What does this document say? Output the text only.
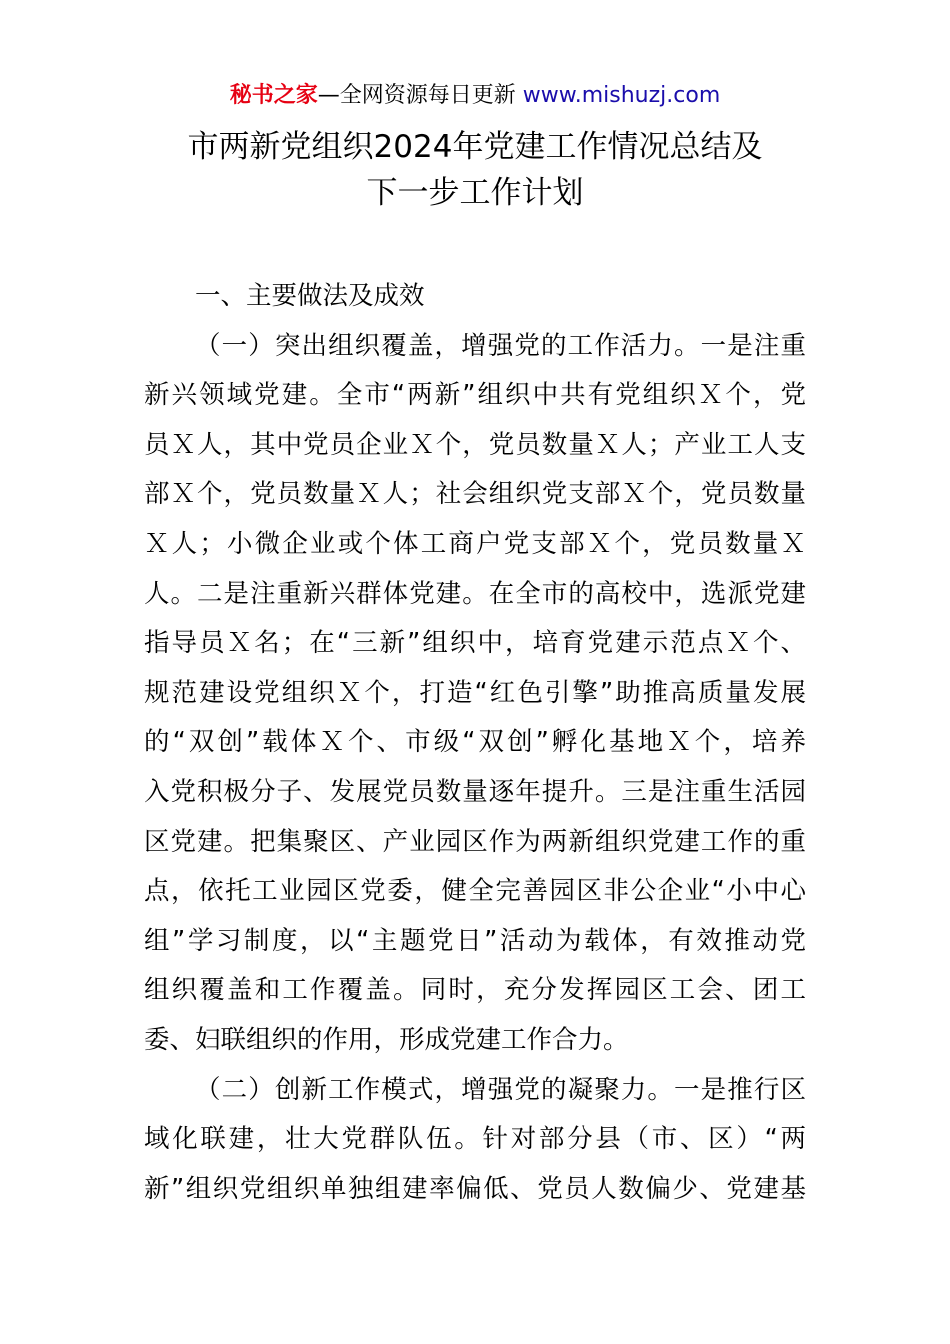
秘书之家—全网资源每日更新 www.mishuzj.com
市两新党组织2024年党建工作情况总结及
下一步工作计划
一、主要做法及成效
（一）突出组织覆盖，增强党的工作活力。一是注重
新兴领域党建。全市“两新”组织中共有党组织Ｘ个，党
员Ｘ人，其中党员企业Ｘ个，党员数量Ｘ人；产业工人支
部Ｘ个，党员数量Ｘ人；社会组织党支部Ｘ个，党员数量
Ｘ人；小微企业或个体工商户党支部Ｘ个，党员数量Ｘ
人。二是注重新兴群体党建。在全市的高校中，选派党建
指导员Ｘ名；在“三新”组织中，培育党建示范点Ｘ个、
规范建设党组织Ｘ个，打造“红色引擎”助推高质量发展
的“双创”载体Ｘ个、市级“双创”孵化基地Ｘ个，培养
入党积极分子、发展党员数量逐年提升。三是注重生活园
区党建。把集聚区、产业园区作为两新组织党建工作的重
点，依托工业园区党委，健全完善园区非公企业“小中心
组”学习制度，以“主题党日”活动为载体，有效推动党
组织覆盖和工作覆盖。同时，充分发挥园区工会、团工
委、妇联组织的作用，形成党建工作合力。
（二）创新工作模式，增强党的凝聚力。一是推行区
域化联建，壮大党群队伍。针对部分县（市、区）“两
新”组织党组织单独组建率偏低、党员人数偏少、党建基
